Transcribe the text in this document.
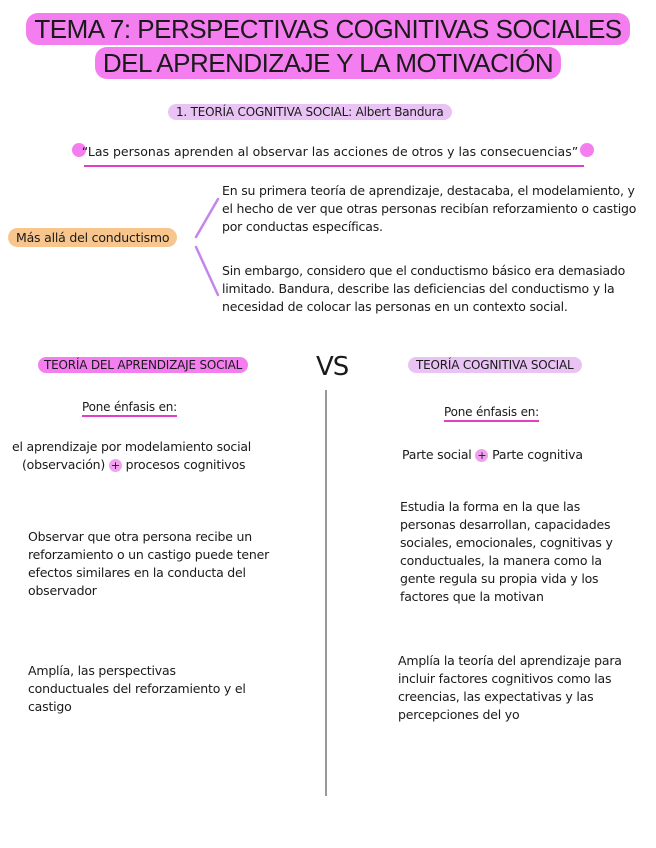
TEMA 7: PERSPECTIVAS COGNITIVAS SOCIALES
DEL APRENDIZAJE Y LA MOTIVACIÓN
1. TEORÍA COGNITIVA SOCIAL: Albert Bandura
“Las personas aprenden al observar las acciones de otros y las consecuencias”
Más allá del conductismo
En su primera teoría de aprendizaje, destacaba, el modelamiento, y el hecho de ver que otras personas recibían reforzamiento o castigo por conductas específicas.
Sin embargo, considero que el conductismo básico era demasiado limitado. Bandura, describe las deficiencias del conductismo y la necesidad de colocar las personas en un contexto social.
VS
TEORÍA DEL APRENDIZAJE SOCIAL
Pone énfasis en:
el aprendizaje por modelamiento social
(observación) + procesos cognitivos
Observar que otra persona recibe un reforzamiento o un castigo puede tener efectos similares en la conducta del observador
Amplía, las perspectivas conductuales del reforzamiento y el castigo
TEORÍA COGNITIVA SOCIAL
Pone énfasis en:
Parte social + Parte cognitiva
Estudia la forma en la que las personas desarrollan, capacidades sociales, emocionales, cognitivas y conductuales, la manera como la gente regula su propia vida y los factores que la motivan
Amplía la teoría del aprendizaje para incluir factores cognitivos como las creencias, las expectativas y las percepciones del yo
